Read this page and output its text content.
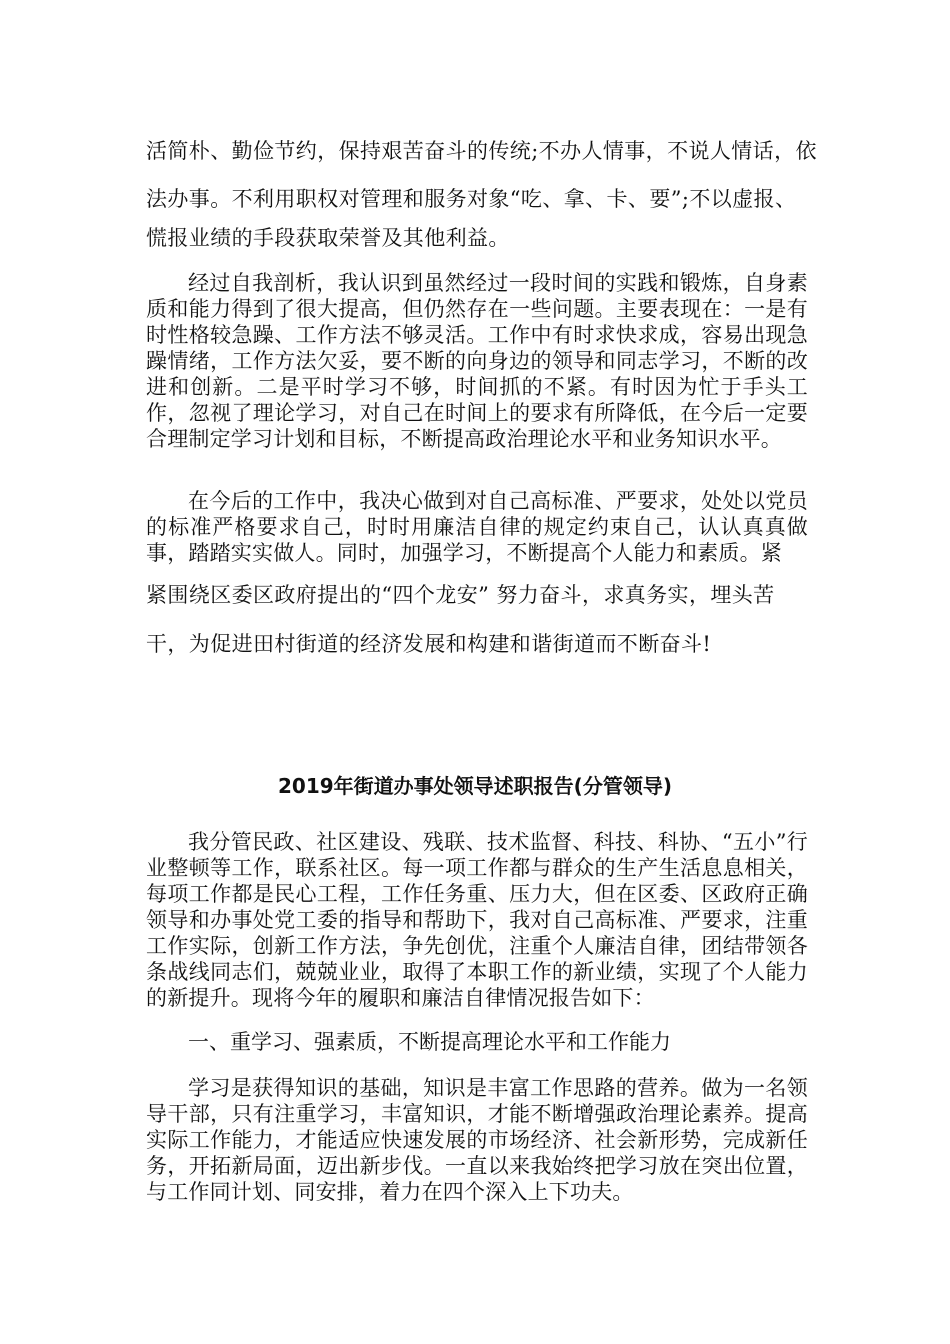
活简朴、勤俭节约，保持艰苦奋斗的传统;不办人情事，不说人情话，依
法办事。不利用职权对管理和服务对象“吃、拿、卡、要”;不以虚报、
慌报业绩的手段获取荣誉及其他利益。
经过自我剖析，我认识到虽然经过一段时间的实践和锻炼，自身素质和能力得到了很大提高，但仍然存在一些问题。主要表现在：一是有时性格较急躁、工作方法不够灵活。工作中有时求快求成，容易出现急躁情绪，工作方法欠妥，要不断的向身边的领导和同志学习，不断的改进和创新。二是平时学习不够，时间抓的不紧。有时因为忙于手头工作，忽视了理论学习，对自己在时间上的要求有所降低，在今后一定要合理制定学习计划和目标，不断提高政治理论水平和业务知识水平。
在今后的工作中，我决心做到对自己高标准、严要求，处处以党员的标准严格要求自己，时时用廉洁自律的规定约束自己，认认真真做事，踏踏实实做人。同时，加强学习，不断提高个人能力和素质。紧
紧围绕区委区政府提出的“四个龙安” 努力奋斗，求真务实，埋头苦
干，为促进田村街道的经济发展和构建和谐街道而不断奋斗!
2019年街道办事处领导述职报告(分管领导)
我分管民政、社区建设、残联、技术监督、科技、科协、“五小”行业整顿等工作，联系社区。每一项工作都与群众的生产生活息息相关，每项工作都是民心工程，工作任务重、压力大，但在区委、区政府正确领导和办事处党工委的指导和帮助下，我对自己高标准、严要求，注重工作实际，创新工作方法，争先创优，注重个人廉洁自律，团结带领各条战线同志们，兢兢业业，取得了本职工作的新业绩，实现了个人能力的新提升。现将今年的履职和廉洁自律情况报告如下：
一、重学习、强素质，不断提高理论水平和工作能力
学习是获得知识的基础，知识是丰富工作思路的营养。做为一名领导干部，只有注重学习，丰富知识，才能不断增强政治理论素养。提高实际工作能力，才能适应快速发展的市场经济、社会新形势，完成新任务，开拓新局面，迈出新步伐。一直以来我始终把学习放在突出位置，与工作同计划、同安排，着力在四个深入上下功夫。
